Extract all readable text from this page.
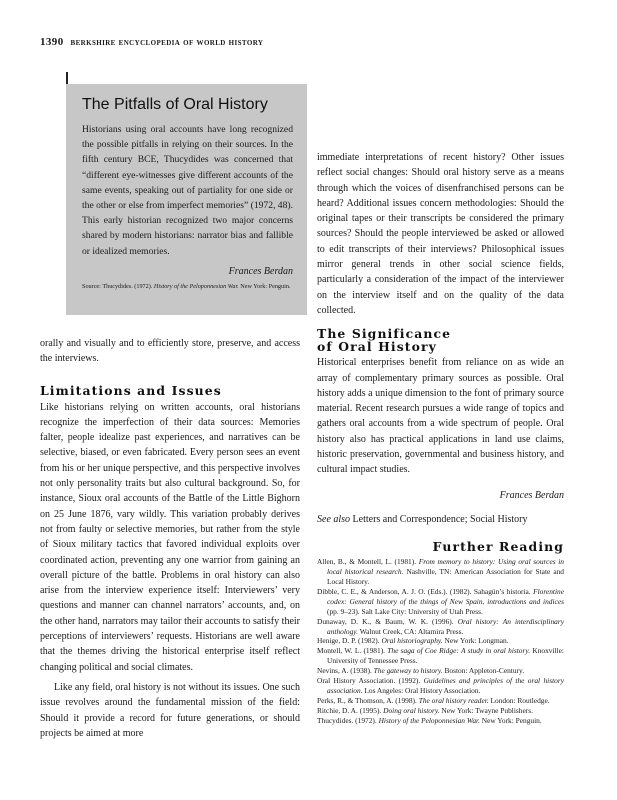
1390 berkshire encyclopedia of world history
The Pitfalls of Oral History
Historians using oral accounts have long recognized the possible pitfalls in relying on their sources. In the fifth century BCE, Thucydides was concerned that “different eye-witnesses give different accounts of the same events, speaking out of partiality for one side or the other or else from imperfect memories” (1972, 48). This early historian recognized two major concerns shared by modern historians: narrator bias and fallible or idealized memories.
Frances Berdan
Source: Thucydides. (1972). History of the Peloponnesian War. New York: Penguin.

orally and visually and to efficiently store, preserve, and access the interviews.

Limitations and Issues

Like historians relying on written accounts, oral historians recognize the imperfection of their data sources: Memories falter, people idealize past experiences, and narratives can be selective, biased, or even fabricated. Every person sees an event from his or her unique perspective, and this perspective involves not only personality traits but also cultural background. So, for instance, Sioux oral accounts of the Battle of the Little Bighorn on 25 June 1876, vary wildly. This variation probably derives not from faulty or selective memories, but rather from the style of Sioux military tactics that favored individual exploits over coordinated action, preventing any one warrior from gaining an overall picture of the battle. Problems in oral history can also arise from the interview experience itself: Interviewers’ very questions and manner can channel narrators’ accounts, and, on the other hand, narrators may tailor their accounts to satisfy their perceptions of interviewers’ requests. Historians are well aware that the themes driving the historical enterprise itself reflect changing political and social climates.

Like any field, oral history is not without its issues. One such issue revolves around the fundamental mission of the field: Should it provide a record for future generations, or should projects be aimed at more

immediate interpretations of recent history? Other issues reflect social changes: Should oral history serve as a means through which the voices of disenfranchised persons can be heard? Additional issues concern methodologies: Should the original tapes or their transcripts be considered the primary sources? Should the people interviewed be asked or allowed to edit transcripts of their interviews? Philosophical issues mirror general trends in other social science fields, particularly a consideration of the impact of the interviewer on the interview itself and on the quality of the data collected.

The Significance
of Oral History

Historical enterprises benefit from reliance on as wide an array of complementary primary sources as possible. Oral history adds a unique dimension to the font of primary source material. Recent research pursues a wide range of topics and gathers oral accounts from a wide spectrum of people. Oral history also has practical applications in land use claims, historic preservation, governmental and business history, and cultural impact studies.

Frances Berdan
See also Letters and Correspondence; Social History
Further Reading
Allen, B., & Montell, L. (1981). From memory to history: Using oral sources in local historical research. Nashville, TN: American Association for State and Local History.
Dibble, C. E., & Anderson, A. J. O. (Eds.). (1982). Sahagún’s historia. Florentine codex: General history of the things of New Spain, introductions and indices (pp. 9–23). Salt Lake City: University of Utah Press.
Dunaway, D. K., & Baum, W. K. (1996). Oral history: An interdisciplinary anthology. Walnut Creek, CA: Altamira Press.
Henige, D. P. (1982). Oral historiography. New York: Longman.
Montell, W. L. (1981). The saga of Coe Ridge: A study in oral history. Knoxville: University of Tennessee Press.
Nevins, A. (1938). The gateway to history. Boston: Appleton-Century.
Oral History Association. (1992). Guidelines and principles of the oral history association. Los Angeles: Oral History Association.
Perks, R., & Thomson, A. (1998). The oral history reader. London: Routledge.
Ritchie, D. A. (1995). Doing oral history. New York: Twayne Publishers.
Thucydides. (1972). History of the Peloponnesian War. New York: Penguin.
